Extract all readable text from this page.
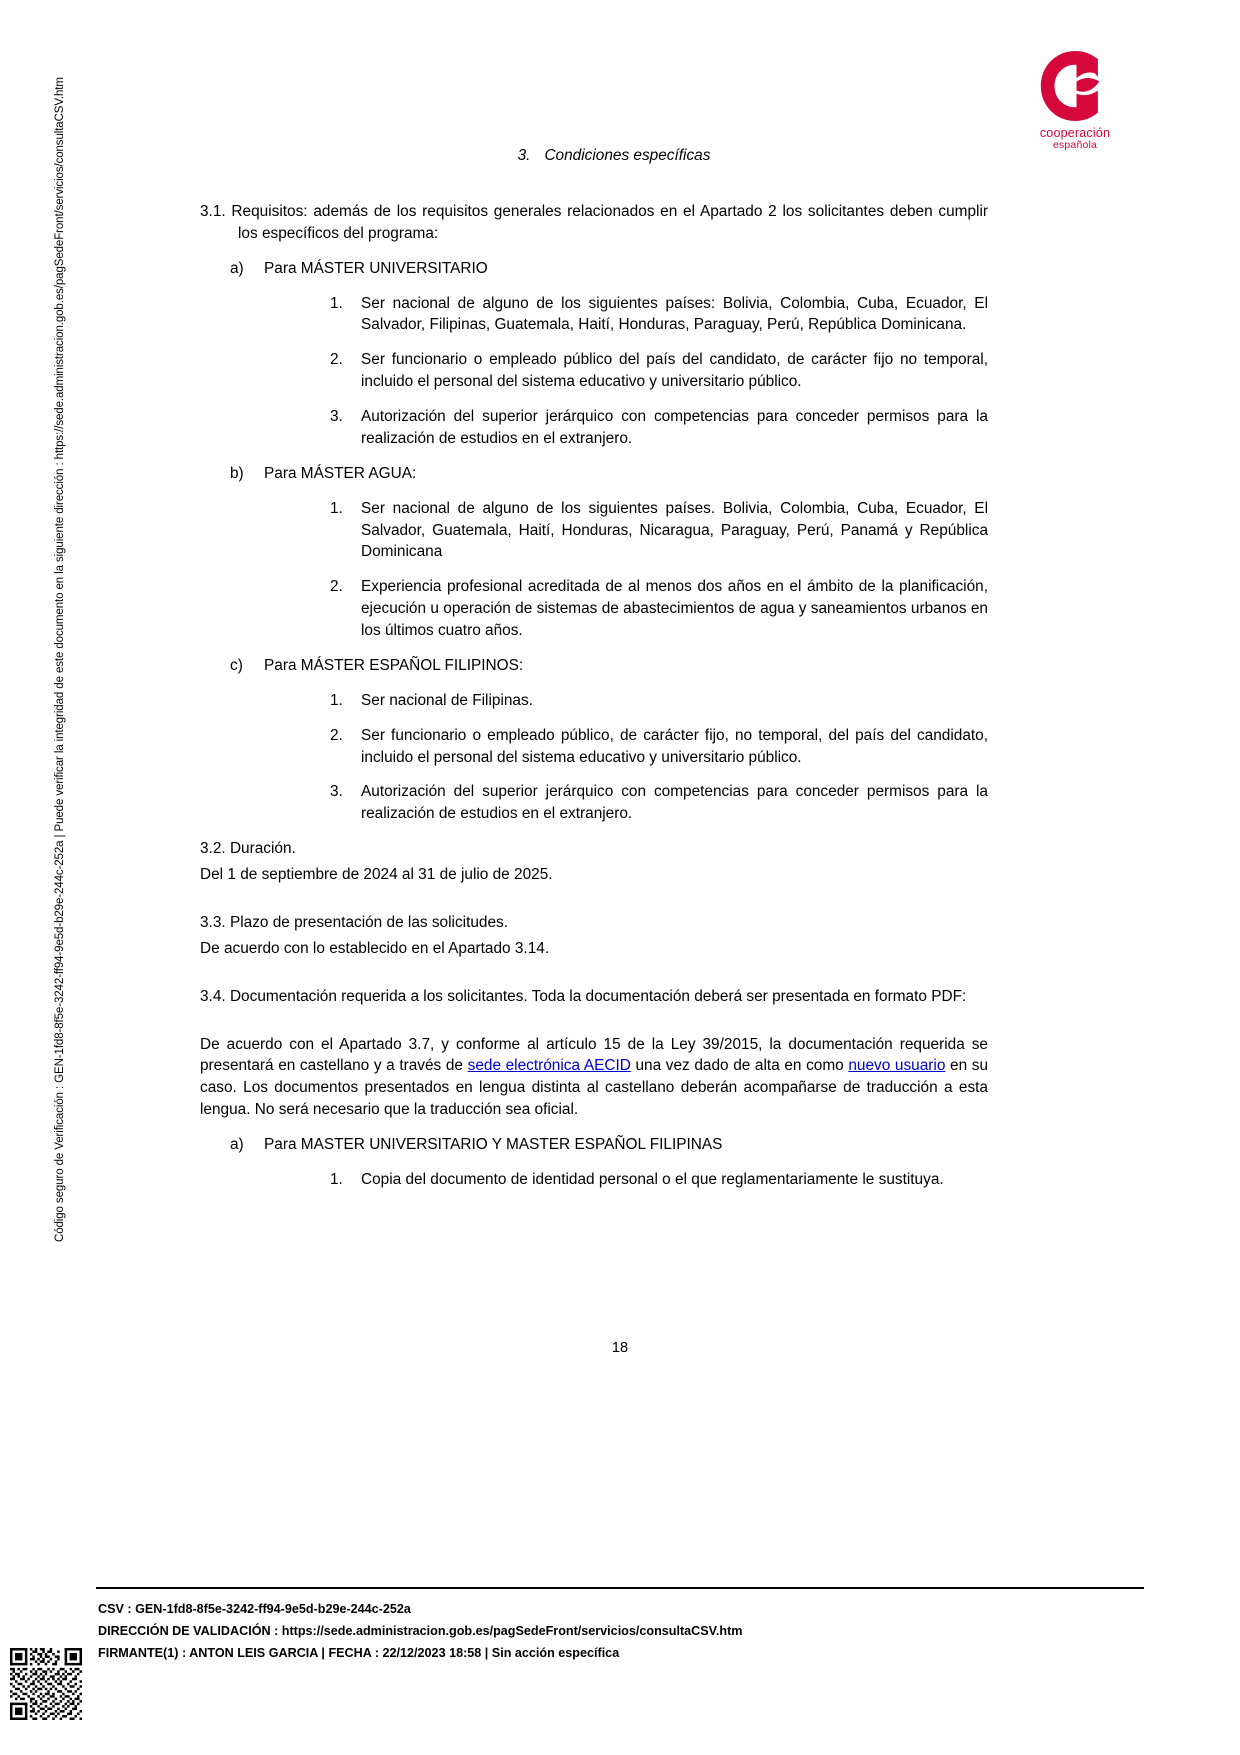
Código seguro de Verificación : GEN-1fd8-8f5e-3242-ff94-9e5d-b29e-244c-252a | Puede verificar la integridad de este documento en la siguiente dirección : https://sede.administracion.gob.es/pagSedeFront/servicios/consultaCSV.htm	cooperación
española
3. Condiciones específicas

3.1. Requisitos: además de los requisitos generales relacionados en el Apartado 2 los solicitantes deben cumplir los específicos del programa:

a)	Para MÁSTER UNIVERSITARIO
1.	Ser nacional de alguno de los siguientes países: Bolivia, Colombia, Cuba, Ecuador, El Salvador, Filipinas, Guatemala, Haití, Honduras, Paraguay, Perú, República Dominicana.
2.	Ser funcionario o empleado público del país del candidato, de carácter fijo no temporal, incluido el personal del sistema educativo y universitario público.
3.	Autorización del superior jerárquico con competencias para conceder permisos para la realización de estudios en el extranjero.
b)	Para MÁSTER AGUA:
1.	Ser nacional de alguno de los siguientes países. Bolivia, Colombia, Cuba, Ecuador, El Salvador, Guatemala, Haití, Honduras, Nicaragua, Paraguay, Perú, Panamá y República Dominicana
2.	Experiencia profesional acreditada de al menos dos años en el ámbito de la planificación, ejecución u operación de sistemas de abastecimientos de agua y saneamientos urbanos en los últimos cuatro años.
c)	Para MÁSTER ESPAÑOL FILIPINOS:
1.	Ser nacional de Filipinas.
2.	Ser funcionario o empleado público, de carácter fijo, no temporal, del país del candidato, incluido el personal del sistema educativo y universitario público.
3.	Autorización del superior jerárquico con competencias para conceder permisos para la realización de estudios en el extranjero.

3.2. Duración.

Del 1 de septiembre de 2024 al 31 de julio de 2025.

3.3. Plazo de presentación de las solicitudes.

De acuerdo con lo establecido en el Apartado 3.14.

3.4. Documentación requerida a los solicitantes. Toda la documentación deberá ser presentada en formato PDF:

De acuerdo con el Apartado 3.7, y conforme al artículo 15 de la Ley 39/2015, la documentación requerida se presentará en castellano y a través de sede electrónica AECID una vez dado de alta en como nuevo usuario en su caso. Los documentos presentados en lengua distinta al castellano deberán acompañarse de traducción a esta lengua. No será necesario que la traducción sea oficial.

a)	Para MASTER UNIVERSITARIO Y MASTER ESPAÑOL FILIPINAS
1.	Copia del documento de identidad personal o el que reglamentariamente le sustituya.
18
CSV : GEN-1fd8-8f5e-3242-ff94-9e5d-b29e-244c-252a
DIRECCIÓN DE VALIDACIÓN : https://sede.administracion.gob.es/pagSedeFront/servicios/consultaCSV.htm
FIRMANTE(1) : ANTON LEIS GARCIA | FECHA : 22/12/2023 18:58 | Sin acción específica
